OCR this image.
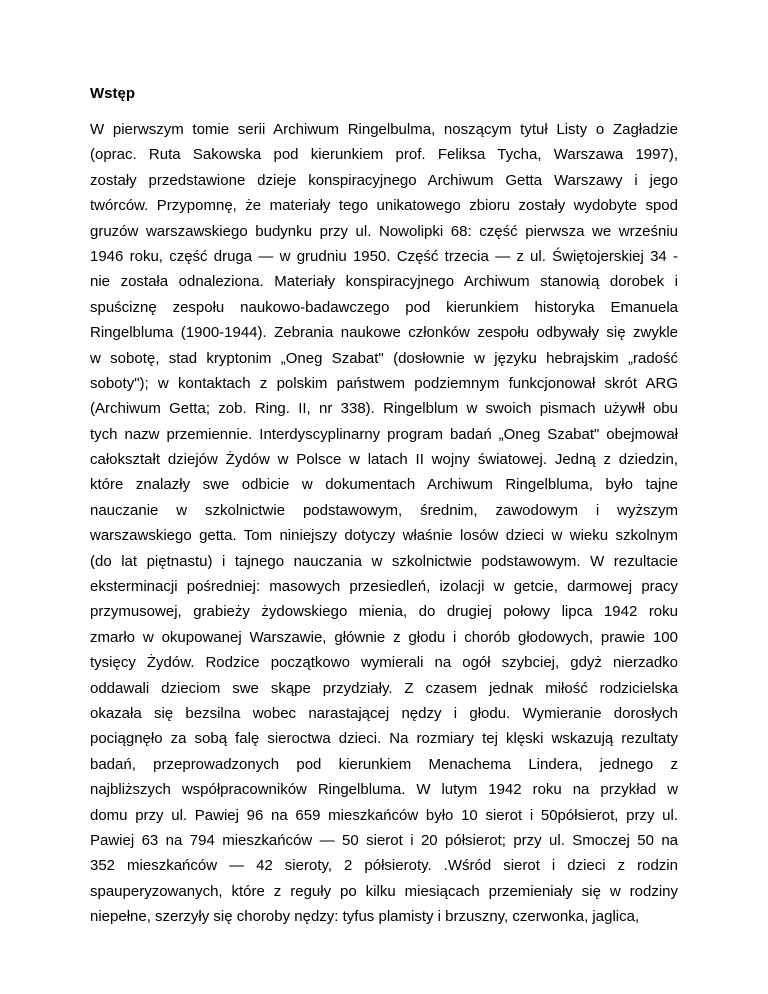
Wstęp
W pierwszym tomie serii Archiwum Ringelbulma, noszącym tytuł Listy o Zagładzie
(oprac. Ruta Sakowska pod kierunkiem prof. Feliksa Tycha, Warszawa 1997),
zostały przedstawione dzieje konspiracyjnego Archiwum Getta Warszawy i jego
twórców. Przypomnę, że materiały tego unikatowego zbioru zostały wydobyte spod
gruzów warszawskiego budynku przy ul. Nowolipki 68: część pierwsza we wrześniu
1946 roku, część druga — w grudniu 1950. Część trzecia — z ul. Świętojerskiej 34 -
nie została odnaleziona. Materiały konspiracyjnego Archiwum stanowią dorobek i
spuściznę zespołu naukowo-badawczego pod kierunkiem historyka Emanuela
Ringelbluma (1900-1944). Zebrania naukowe członków zespołu odbywały się zwykle
w sobotę, stad kryptonim „Oneg Szabat" (dosłownie w języku hebrajskim „radość
soboty"); w kontaktach z polskim państwem podziemnym funkcjonował skrót ARG
(Archiwum Getta; zob. Ring. II, nr 338). Ringelblum w swoich pismach używłł obu
tych nazw przemiennie. Interdyscyplinarny program badań „Oneg Szabat" obejmował
całokształt dziejów Żydów w Polsce w latach II wojny światowej. Jedną z dziedzin,
które znalazły swe odbicie w dokumentach Archiwum Ringelbluma, było tajne
nauczanie w szkolnictwie podstawowym, średnim, zawodowym i wyższym
warszawskiego getta. Tom niniejszy dotyczy właśnie losów dzieci w wieku szkolnym
(do lat piętnastu) i tajnego nauczania w szkolnictwie podstawowym. W rezultacie
eksterminacji pośredniej: masowych przesiedleń, izolacji w getcie, darmowej pracy
przymusowej, grabieży żydowskiego mienia, do drugiej połowy lipca 1942 roku
zmarło w okupowanej Warszawie, głównie z głodu i chorób głodowych, prawie 100
tysięcy Żydów. Rodzice początkowo wymierali na ogół szybciej, gdyż nierzadko
oddawali dzieciom swe skąpe przydziały. Z czasem jednak miłość rodzicielska
okazała się bezsilna wobec narastającej nędzy i głodu. Wymieranie dorosłych
pociągnęło za sobą falę sieroctwa dzieci. Na rozmiary tej klęski wskazują rezultaty
badań, przeprowadzonych pod kierunkiem Menachema Lindera, jednego z
najbliższych współpracowników Ringelbluma. W lutym 1942 roku na przykład w
domu przy ul. Pawiej 96 na 659 mieszkańców było 10 sierot i 50półsierot, przy ul.
Pawiej 63 na 794 mieszkańców — 50 sierot i 20 półsierot; przy ul. Smoczej 50 na
352 mieszkańców — 42 sieroty, 2 półsieroty. .Wśród sierot i dzieci z rodzin
spauperyzowanych, które z reguły po kilku miesiącach przemieniały się w rodziny
niepełne, szerzyły się choroby nędzy: tyfus plamisty i brzuszny, czerwonka, jaglica,
